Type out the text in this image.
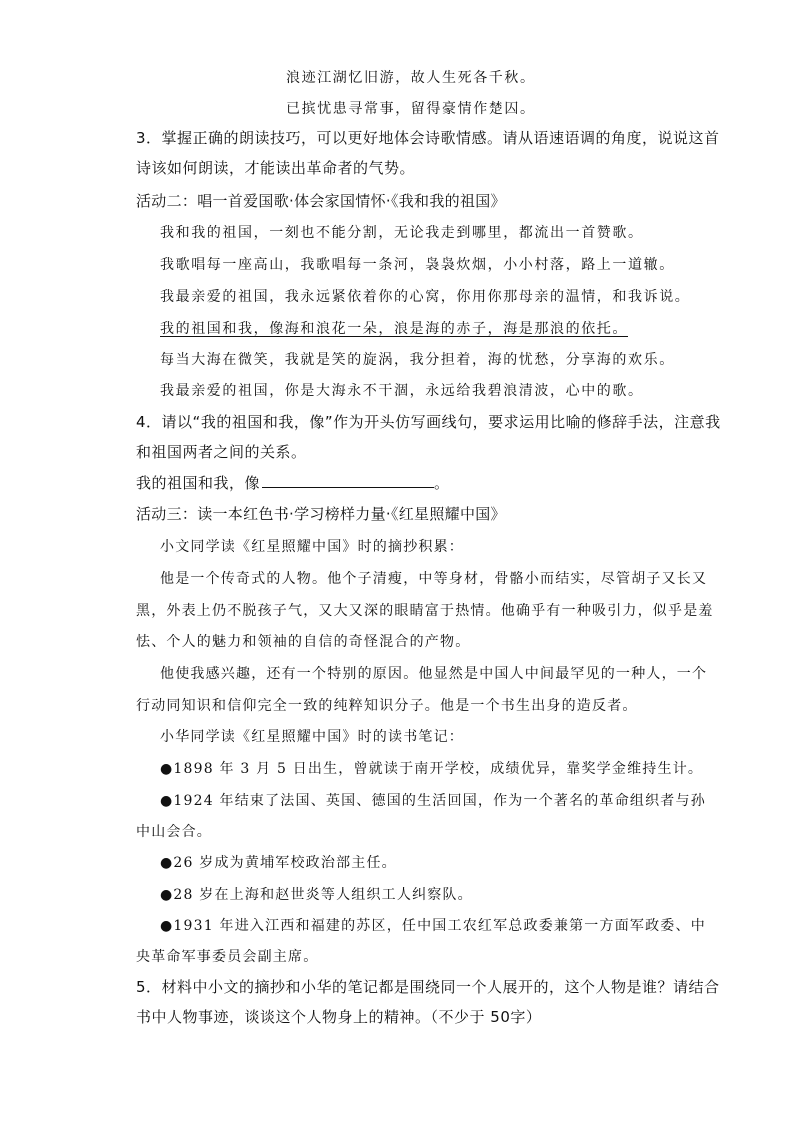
浪迹江湖忆旧游，故人生死各千秋。

已摈忧患寻常事，留得豪情作楚囚。

3．掌握正确的朗读技巧，可以更好地体会诗歌情感。请从语速语调的角度，说说这首

诗该如何朗读，才能读出革命者的气势。

活动二：唱一首爱国歌·体会家国情怀·《我和我的祖国》

我和我的祖国，一刻也不能分割，无论我走到哪里，都流出一首赞歌。

我歌唱每一座高山，我歌唱每一条河，袅袅炊烟，小小村落，路上一道辙。

我最亲爱的祖国，我永远紧依着你的心窝，你用你那母亲的温情，和我诉说。

我的祖国和我，像海和浪花一朵，浪是海的赤子，海是那浪的依托。

每当大海在微笑，我就是笑的旋涡，我分担着，海的忧愁，分享海的欢乐。

我最亲爱的祖国，你是大海永不干涸，永远给我碧浪清波，心中的歌。

4．请以“我的祖国和我，像”作为开头仿写画线句，要求运用比喻的修辞手法，注意我

和祖国两者之间的关系。

我的祖国和我，像	。

活动三：读一本红色书·学习榜样力量·《红星照耀中国》

小文同学读《红星照耀中国》时的摘抄积累：

他是一个传奇式的人物。他个子清瘦，中等身材，骨骼小而结实，尽管胡子又长又

黑，外表上仍不脱孩子气，又大又深的眼睛富于热情。他确乎有一种吸引力，似乎是羞

怯、个人的魅力和领袖的自信的奇怪混合的产物。

他使我感兴趣，还有一个特别的原因。他显然是中国人中间最罕见的一种人，一个

行动同知识和信仰完全一致的纯粹知识分子。他是一个书生出身的造反者。

小华同学读《红星照耀中国》时的读书笔记：

●1898 年 3 月 5 日出生，曾就读于南开学校，成绩优异，靠奖学金维持生计。

●1924 年结束了法国、英国、德国的生活回国，作为一个著名的革命组织者与孙

中山会合。

●26 岁成为黄埔军校政治部主任。

●28 岁在上海和赵世炎等人组织工人纠察队。

●1931 年进入江西和福建的苏区，任中国工农红军总政委兼第一方面军政委、中

央革命军事委员会副主席。

5．材料中小文的摘抄和小华的笔记都是围绕同一个人展开的，这个人物是谁？请结合

书中人物事迹，谈谈这个人物身上的精神。（不少于 50字）
